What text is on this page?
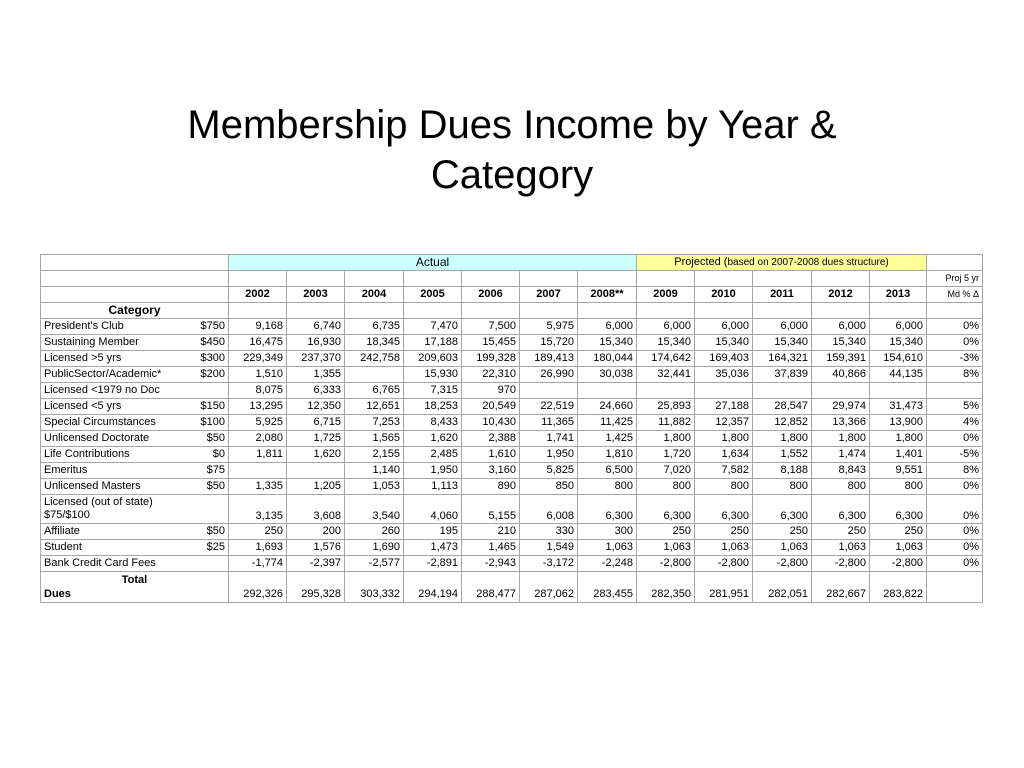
Membership Dues Income by Year &
Category
	Actual							Projected (based on 2007-2008 dues structure)					
													Proj 5 yr
	2002	2003	2004	2005	2006	2007	2008**	2009	2010	2011	2012	2013	Md % Δ
Category													

President's Club $750	9,168	6,740	6,735	7,470	7,500	5,975	6,000	6,000	6,000	6,000	6,000	6,000	0%

Sustaining Member $450	16,475	16,930	18,345	17,188	15,455	15,720	15,340	15,340	15,340	15,340	15,340	15,340	0%

Licensed >5 yrs $300	229,349	237,370	242,758	209,603	199,328	189,413	180,044	174,642	169,403	164,321	159,391	154,610	-3%

PublicSector/Academic* $200	1,510	1,355		15,930	22,310	26,990	30,038	32,441	35,036	37,839	40,866	44,135	8%

Licensed <1979 no Doc	8,075	6,333	6,765	7,315	970								

Licensed <5 yrs $150	13,295	12,350	12,651	18,253	20,549	22,519	24,660	25,893	27,188	28,547	29,974	31,473	5%

Special Circumstances $100	5,925	6,715	7,253	8,433	10,430	11,365	11,425	11,882	12,357	12,852	13,366	13,900	4%

Unlicensed Doctorate $50	2,080	1,725	1,565	1,620	2,388	1,741	1,425	1,800	1,800	1,800	1,800	1,800	0%

Life Contributions $0	1,811	1,620	2,155	2,485	1,610	1,950	1,810	1,720	1,634	1,552	1,474	1,401	-5%

Emeritus $75			1,140	1,950	3,160	5,825	6,500	7,020	7,582	8,188	8,843	9,551	8%

Unlicensed Masters $50	1,335	1,205	1,053	1,113	890	850	800	800	800	800	800	800	0%

Licensed (out of state)
$75/$100	3,135	3,608	3,540	4,060	5,155	6,008	6,300	6,300	6,300	6,300	6,300	6,300	0%

Affiliate $50	250	200	260	195	210	330	300	250	250	250	250	250	0%

Student $25	1,693	1,576	1,690	1,473	1,465	1,549	1,063	1,063	1,063	1,063	1,063	1,063	0%

Bank Credit Card Fees	-1,774	-2,397	-2,577	-2,891	-2,943	-3,172	-2,248	-2,800	-2,800	-2,800	-2,800	-2,800	0%

Total
Dues	292,326	295,328	303,332	294,194	288,477	287,062	283,455	282,350	281,951	282,051	282,667	283,822	
